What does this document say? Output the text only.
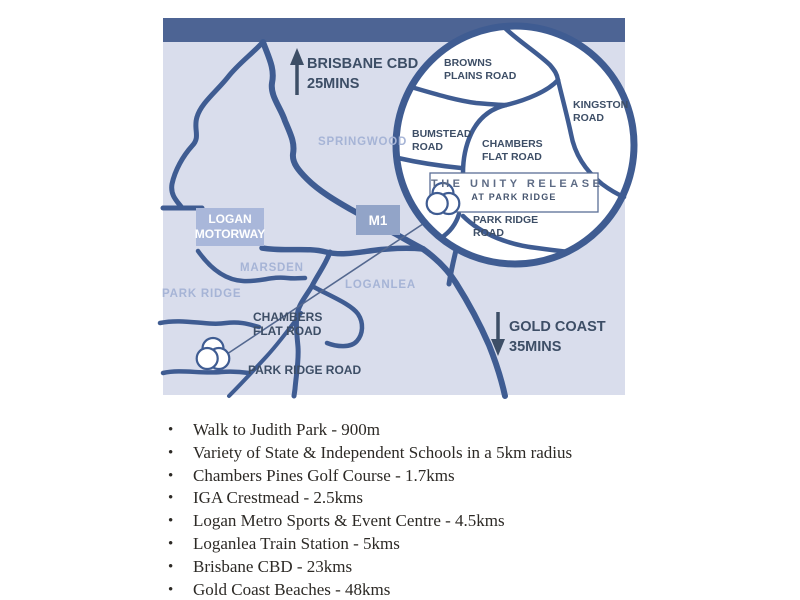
BRISBANE CBD
25MINS
GOLD COAST
35MINS
SPRINGWOOD
MARSDEN
PARK RIDGE
LOGANLEA
LOGAN
MOTORWAY
M1
CHAMBERS
FLAT ROAD
PARK RIDGE ROAD
BROWNS
PLAINS ROAD
KINGSTON
ROAD
BUMSTEAD
ROAD	CHAMBERS
FLAT ROAD
PARK RIDGE
ROAD
THE UNITY RELEASE
AT PARK RIDGE
•	Walk to Judith Park - 900m
•	Variety of State & Independent Schools in a 5km radius
•	Chambers Pines Golf Course - 1.7kms
•	IGA Crestmead - 2.5kms
•	Logan Metro Sports & Event Centre - 4.5kms
•	Loganlea Train Station - 5kms
•	Brisbane CBD - 23kms
•	Gold Coast Beaches - 48kms
